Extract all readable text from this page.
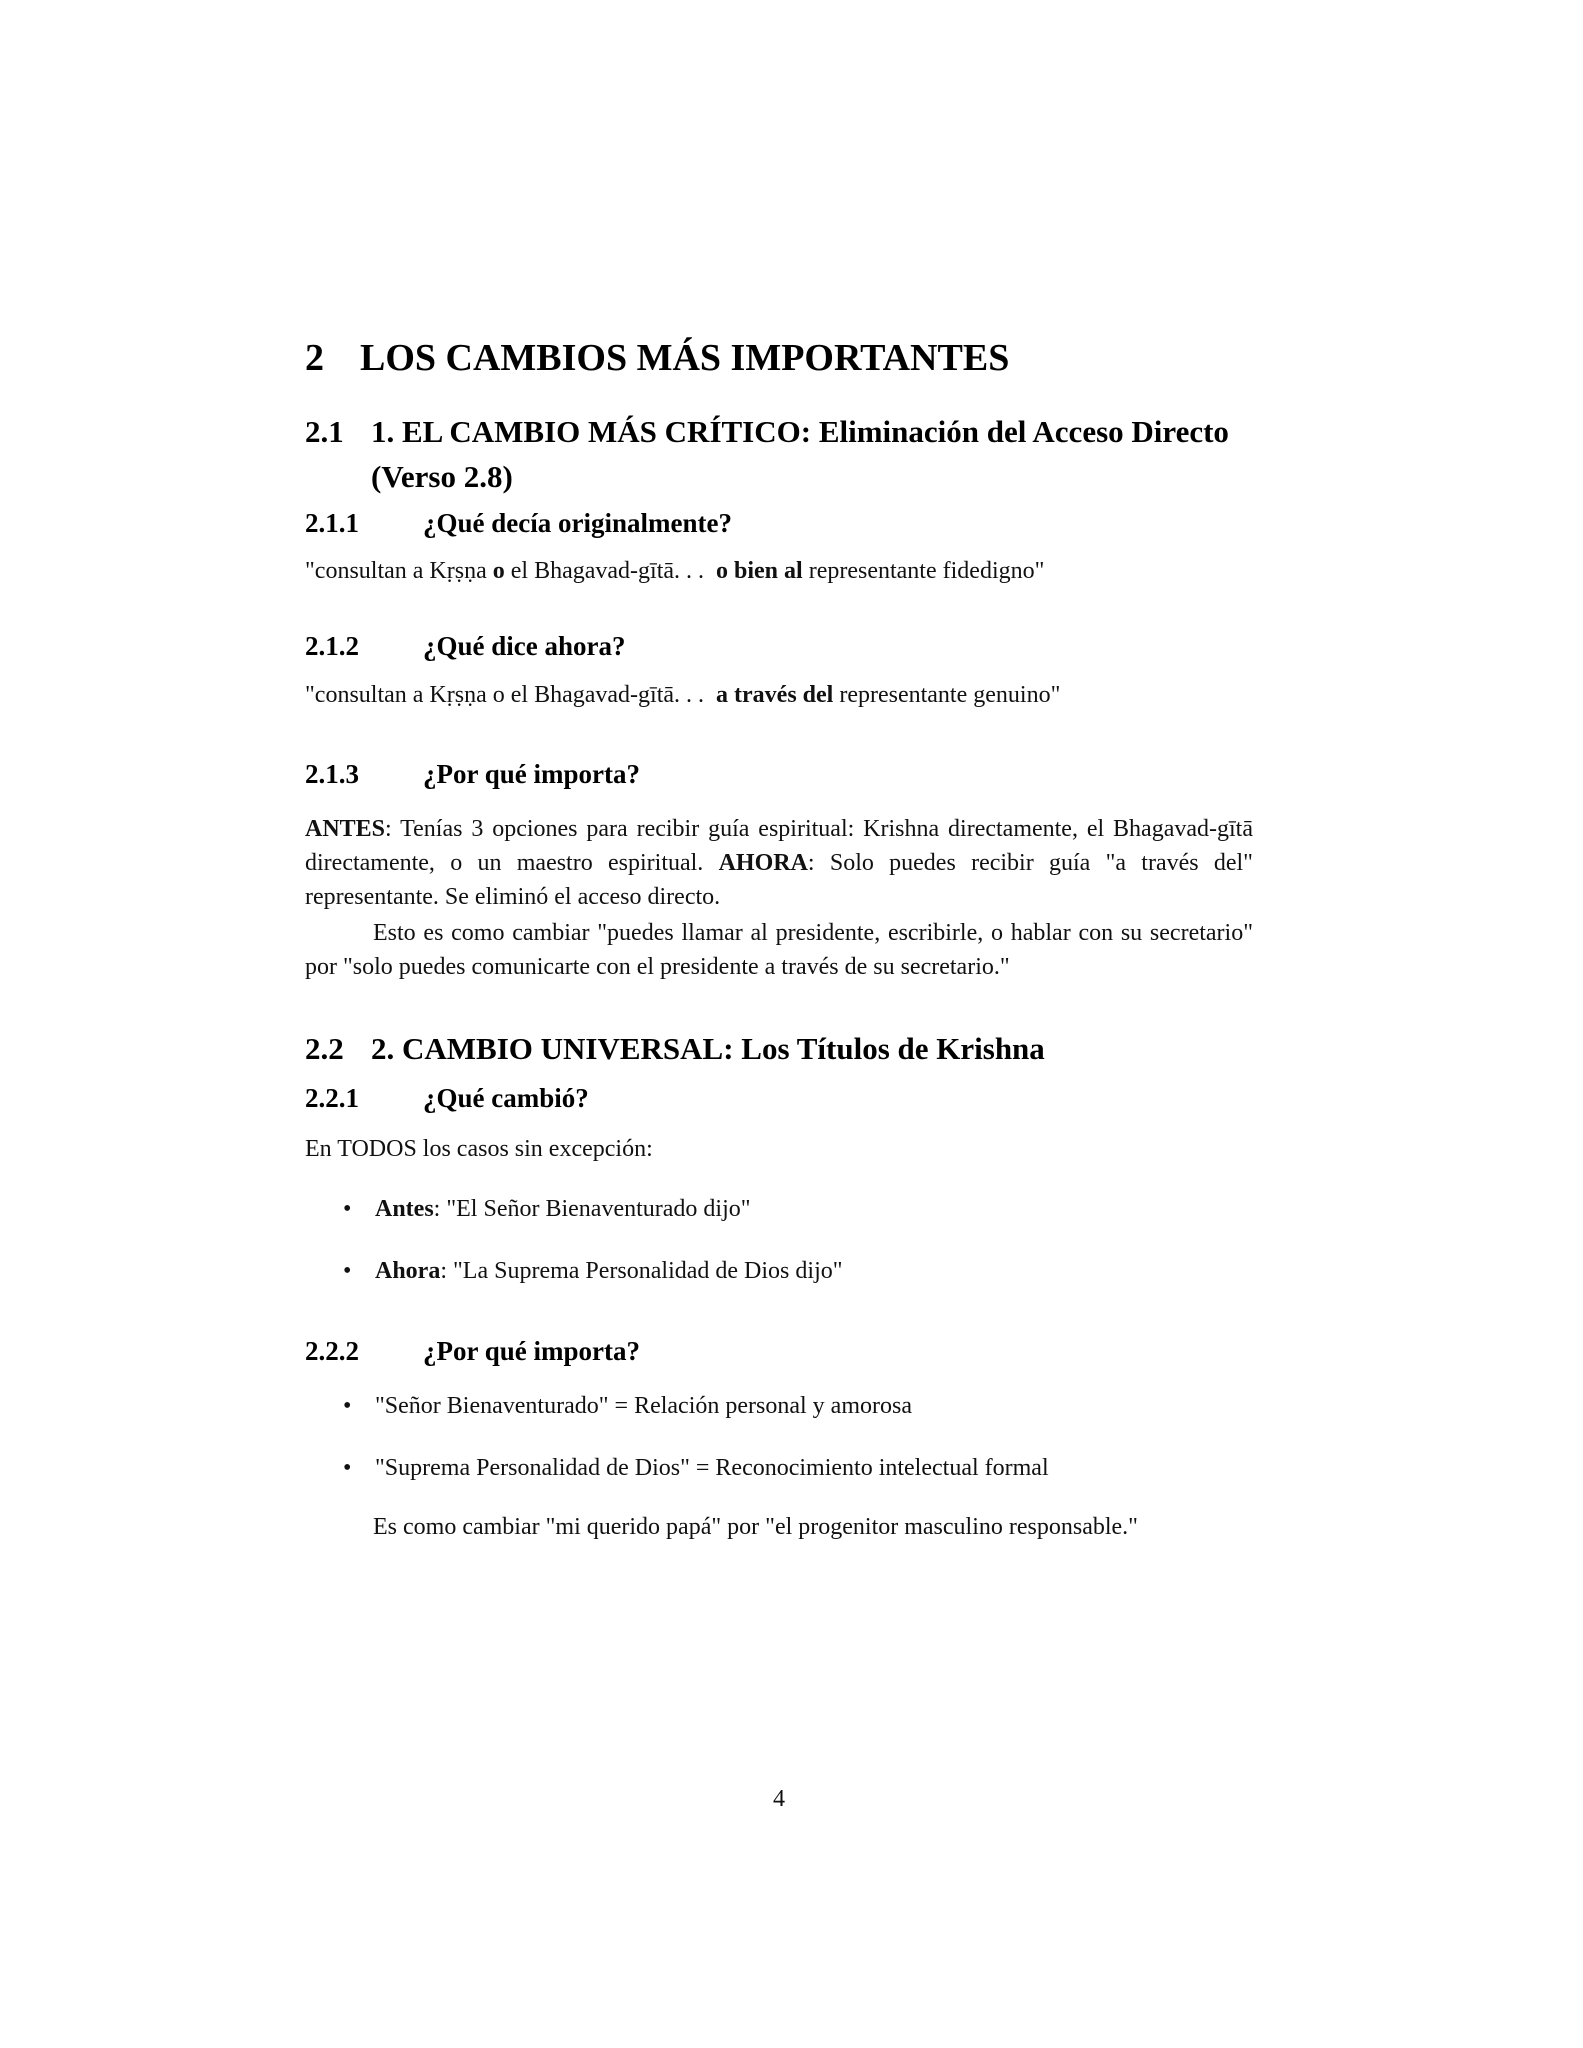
2 LOS CAMBIOS MÁS IMPORTANTES
2.1 1. EL CAMBIO MÁS CRÍTICO: Eliminación del Acceso Directo (Verso 2.8)
2.1.1	¿Qué decía originalmente?

"consultan a Kṛṣṇa o el Bhagavad-gītā. . .  o bien al representante fidedigno"

2.1.2	¿Qué dice ahora?

"consultan a Kṛṣṇa o el Bhagavad-gītā. . .  a través del representante genuino"

2.1.3	¿Por qué importa?

ANTES: Tenías 3 opciones para recibir guía espiritual: Krishna directamente, el Bhagavad-gītā directamente, o un maestro espiritual. AHORA: Solo puedes recibir guía "a través del" representante. Se eliminó el acceso directo.

Esto es como cambiar "puedes llamar al presidente, escribirle, o hablar con su secretario" por "solo puedes comunicarte con el presidente a través de su secretario."

2.2 2. CAMBIO UNIVERSAL: Los Títulos de Krishna
2.2.1	¿Qué cambió?

En TODOS los casos sin excepción:

• Antes: "El Señor Bienaventurado dijo"
• Ahora: "La Suprema Personalidad de Dios dijo"
2.2.2	¿Por qué importa?
• "Señor Bienaventurado" = Relación personal y amorosa
• "Suprema Personalidad de Dios" = Reconocimiento intelectual formal

Es como cambiar "mi querido papá" por "el progenitor masculino responsable."

4
